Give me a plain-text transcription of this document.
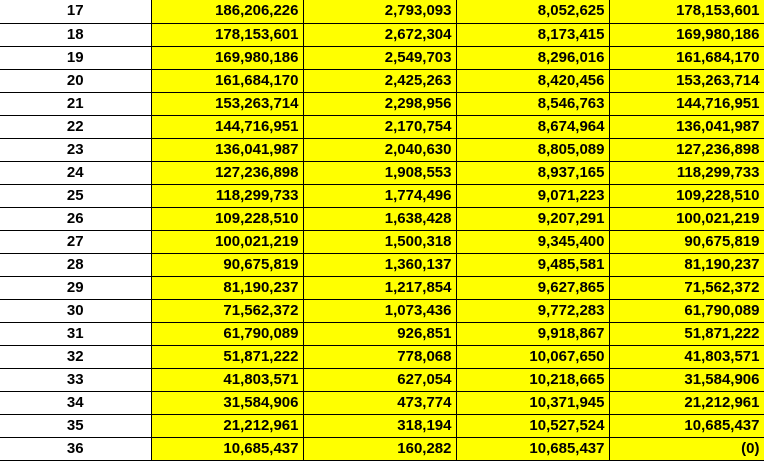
17	186,206,226	2,793,093	8,052,625	178,153,601
18	178,153,601	2,672,304	8,173,415	169,980,186
19	169,980,186	2,549,703	8,296,016	161,684,170
20	161,684,170	2,425,263	8,420,456	153,263,714
21	153,263,714	2,298,956	8,546,763	144,716,951
22	144,716,951	2,170,754	8,674,964	136,041,987
23	136,041,987	2,040,630	8,805,089	127,236,898
24	127,236,898	1,908,553	8,937,165	118,299,733
25	118,299,733	1,774,496	9,071,223	109,228,510
26	109,228,510	1,638,428	9,207,291	100,021,219
27	100,021,219	1,500,318	9,345,400	90,675,819
28	90,675,819	1,360,137	9,485,581	81,190,237
29	81,190,237	1,217,854	9,627,865	71,562,372
30	71,562,372	1,073,436	9,772,283	61,790,089
31	61,790,089	926,851	9,918,867	51,871,222
32	51,871,222	778,068	10,067,650	41,803,571
33	41,803,571	627,054	10,218,665	31,584,906
34	31,584,906	473,774	10,371,945	21,212,961
35	21,212,961	318,194	10,527,524	10,685,437
36	10,685,437	160,282	10,685,437	(0)
